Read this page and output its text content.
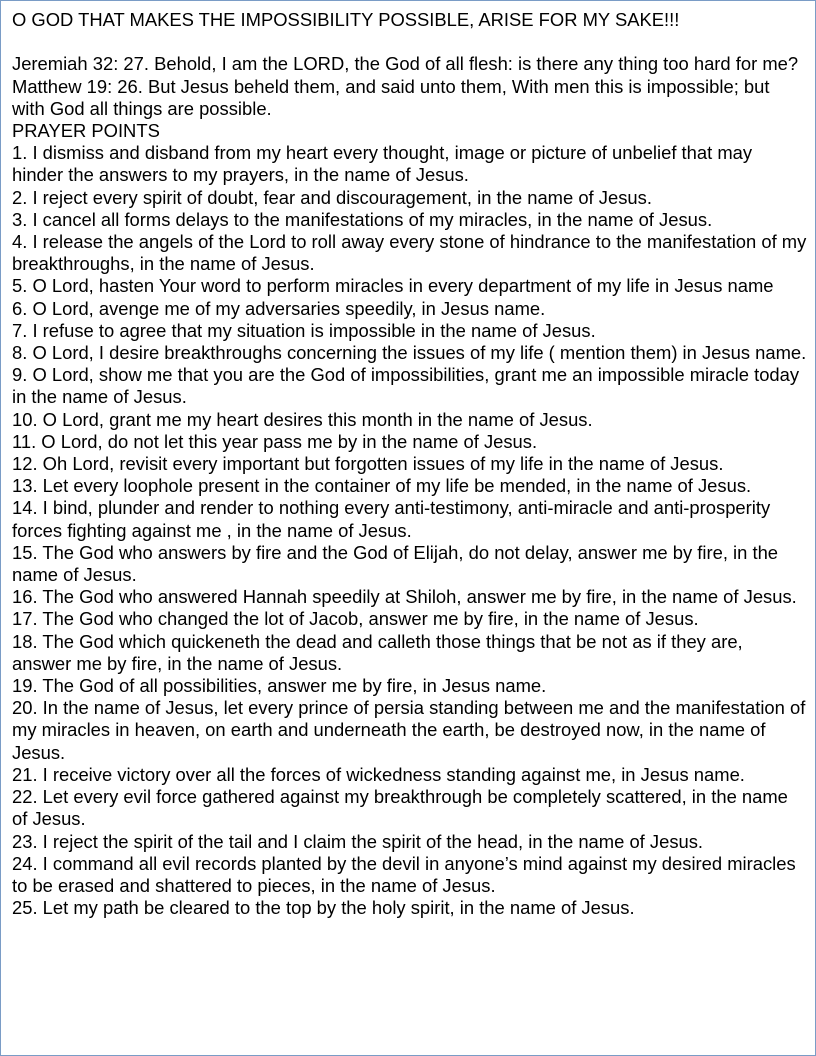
O GOD THAT MAKES THE IMPOSSIBILITY POSSIBLE, ARISE FOR MY SAKE!!!

Jeremiah 32: 27. Behold, I am the LORD, the God of all flesh: is there any thing too hard for me?

Matthew 19: 26. But Jesus beheld them, and said unto them, With men this is impossible; but with God all things are possible.

PRAYER POINTS

1. I dismiss and disband from my heart every thought, image or picture of unbelief that may hinder the answers to my prayers, in the name of Jesus.

2. I reject every spirit of doubt, fear and discouragement, in the name of Jesus.

3. I cancel all forms delays to the manifestations of my miracles, in the name of Jesus.

4. I release the angels of the Lord to roll away every stone of hindrance to the manifestation of my breakthroughs, in the name of Jesus.

5. O Lord, hasten Your word to perform miracles in every department of my life in Jesus name

6. O Lord, avenge me of my adversaries speedily, in Jesus name.

7. I refuse to agree that my situation is impossible in the name of Jesus.

8. O Lord, I desire breakthroughs concerning the issues of my life ( mention them) in Jesus name.

9. O Lord, show me that you are the God of impossibilities, grant me an impossible miracle today in the name of Jesus.

10. O Lord, grant me my heart desires this month in the name of Jesus.

11. O Lord, do not let this year pass me by in the name of Jesus.

12. Oh Lord, revisit every important but forgotten issues of my life in the name of Jesus.

13. Let every loophole present in the container of my life be mended, in the name of Jesus.

14. I bind, plunder and render to nothing every anti-testimony, anti-miracle and anti-prosperity forces fighting against me , in the name of Jesus.

15. The God who answers by fire and the God of Elijah, do not delay, answer me by fire, in the name of Jesus.

16. The God who answered Hannah speedily at Shiloh, answer me by fire, in the name of Jesus.

17. The God who changed the lot of Jacob, answer me by fire, in the name of Jesus.

18. The God which quickeneth the dead and calleth those things that be not as if they are, answer me by fire, in the name of Jesus.

19. The God of all possibilities, answer me by fire, in Jesus name.

20. In the name of Jesus, let every prince of persia standing between me and the manifestation of my miracles in heaven, on earth and underneath the earth, be destroyed now, in the name of Jesus.

21. I receive victory over all the forces of wickedness standing against me, in Jesus name.

22. Let every evil force gathered against my breakthrough be completely scattered, in the name of Jesus.

23. I reject the spirit of the tail and I claim the spirit of the head, in the name of Jesus.

24. I command all evil records planted by the devil in anyone’s mind against my desired miracles to be erased and shattered to pieces, in the name of Jesus.

25. Let my path be cleared to the top by the holy spirit, in the name of Jesus.
